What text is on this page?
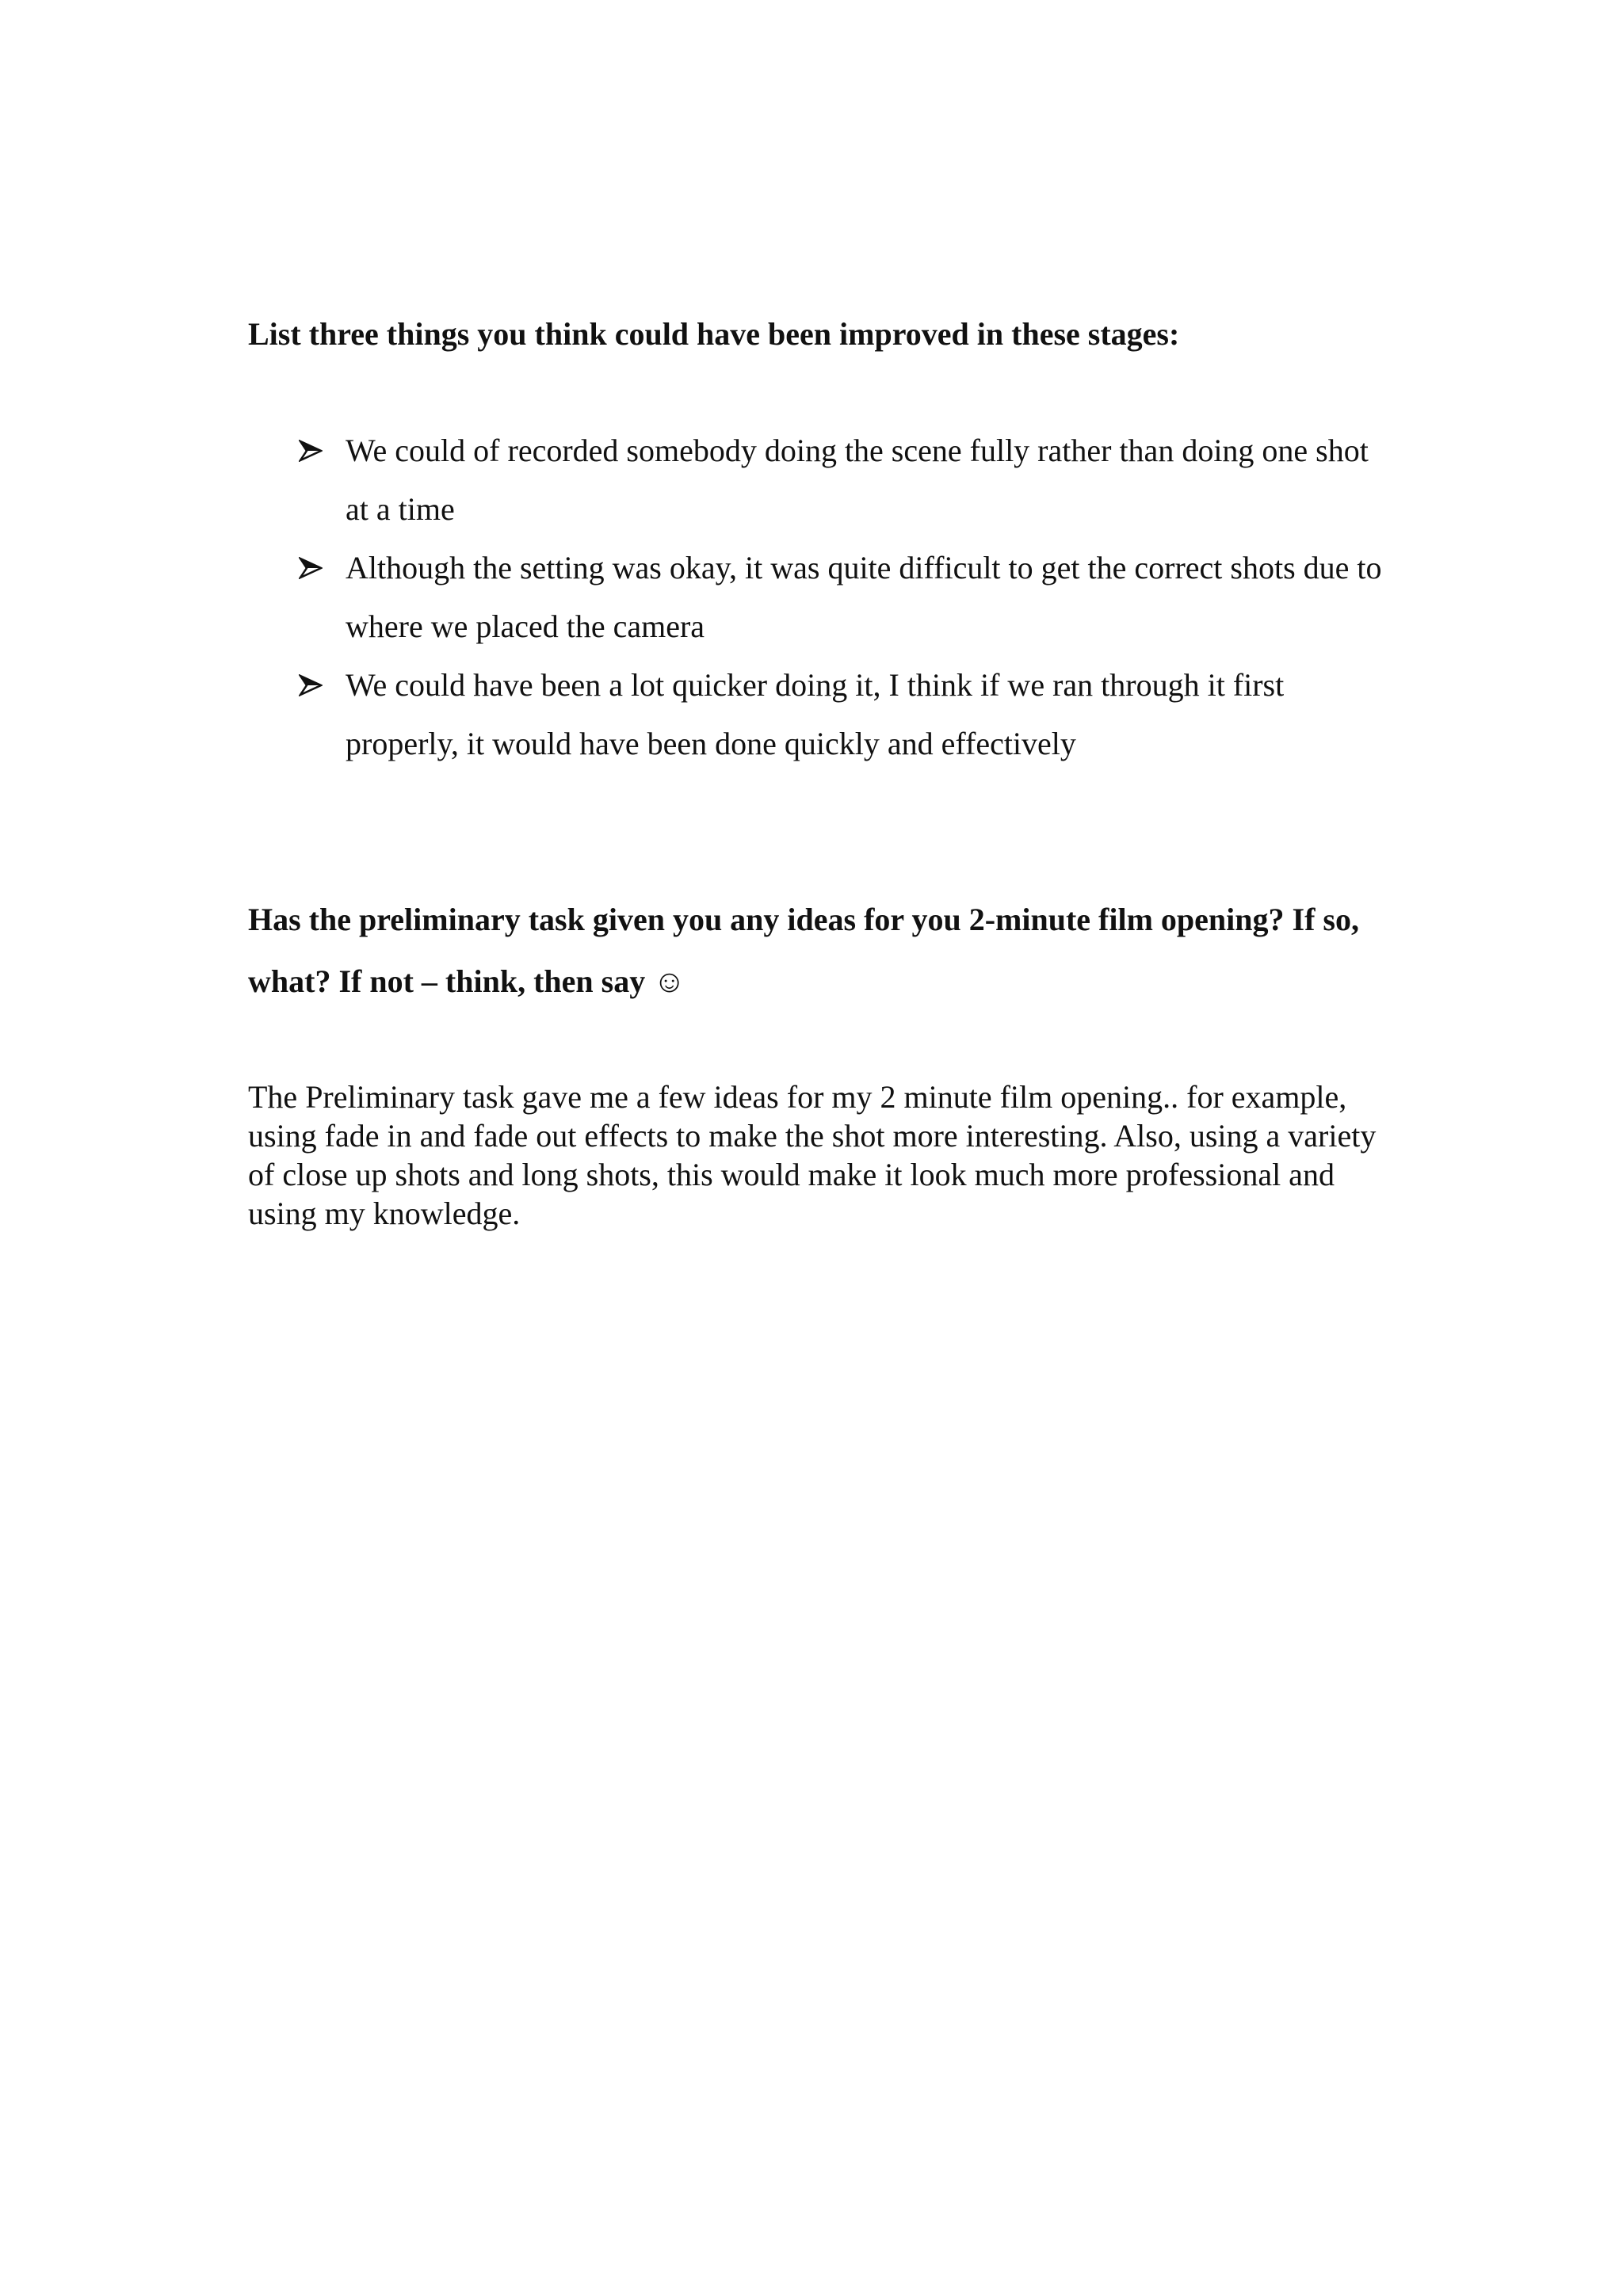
List three things you think could have been improved in these stages:

We could of recorded somebody doing the scene fully rather than doing one shot at a time
Although the setting was okay, it was quite difficult to get the correct shots due to where we placed the camera
We could have been a lot quicker doing it, I think if we ran through it first properly, it would have been done quickly and effectively

Has the preliminary task given you any ideas for you 2-minute film opening? If so, what? If not – think, then say ☺

The Preliminary task gave me a few ideas for my 2 minute film opening.. for example, using fade in and fade out effects to make the shot more interesting. Also, using a variety of close up shots and long shots, this would make it look much more professional and using my knowledge.
